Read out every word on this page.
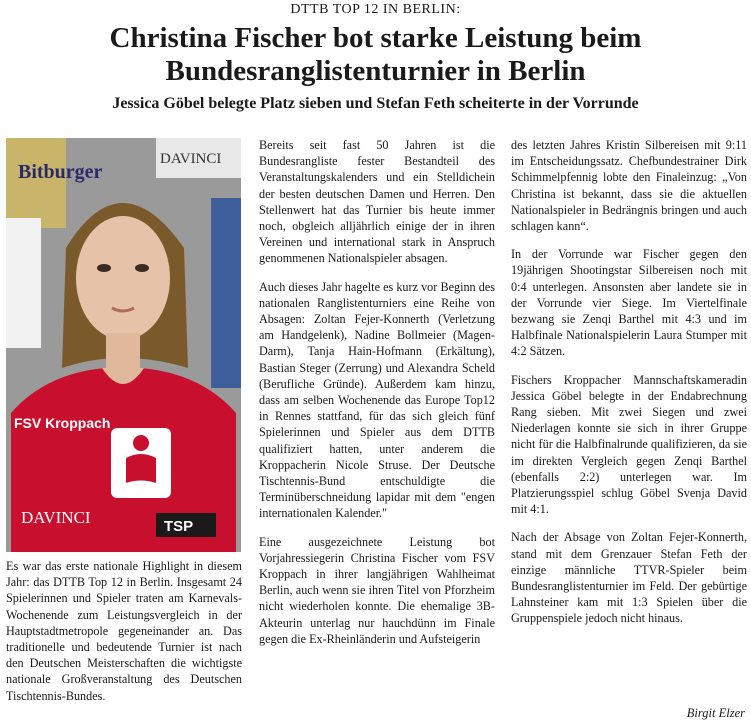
DTTB TOP 12 IN BERLIN:
Christina Fischer bot starke Leistung beim
Bundesranglistenturnier in Berlin
Jessica Göbel belegte Platz sieben und Stefan Feth scheiterte in der Vorrunde
Bitburger
DAVINCI
FSV Kroppach
DAVINCI	TSP

Es war das erste nationale Highlight in diesem Jahr: das DTTB Top 12 in Berlin. Insgesamt 24 Spielerinnen und Spieler traten am Karnevals-Wochenende zum Leistungsvergleich in der Hauptstadtmetropole gegeneinander an. Das traditionelle und bedeutende Turnier ist nach den Deutschen Meisterschaften die wichtigste nationale Großveranstaltung des Deutschen Tischtennis-Bundes.

Bereits seit fast 50 Jahren ist die Bundesrangliste fester Bestandteil des Veranstaltungskalenders und ein Stelldichein der besten deutschen Damen und Herren. Den Stellenwert hat das Turnier bis heute immer noch, obgleich alljährlich einige der in ihren Vereinen und international stark in Anspruch genommenen Nationalspieler absagen.

Auch dieses Jahr hagelte es kurz vor Beginn des nationalen Ranglistenturniers eine Reihe von Absagen: Zoltan Fejer-Konnerth (Verletzung am Handgelenk), Nadine Bollmeier (Magen-Darm), Tanja Hain-Hofmann (Erkältung), Bastian Steger (Zerrung) und Alexandra Scheld (Berufliche Gründe). Außerdem kam hinzu, dass am selben Wochenende das Europe Top12 in Rennes stattfand, für das sich gleich fünf Spielerinnen und Spieler aus dem DTTB qualifiziert hatten, unter anderem die Kroppacherin Nicole Struse. Der Deutsche Tischtennis-Bund entschuldigte die Terminüberschneidung lapidar mit dem "engen internationalen Kalender."

Eine ausgezeichnete Leistung bot Vorjahressiegerin Christina Fischer vom FSV Kroppach in ihrer langjährigen Wahlheimat Berlin, auch wenn sie ihren Titel von Pforzheim nicht wiederholen konnte. Die ehemalige 3B-Akteurin unterlag nur hauchdünn im Finale gegen die Ex-Rheinländerin und Aufsteigerin

des letzten Jahres Kristin Silbereisen mit 9:11 im Entscheidungssatz. Chefbundestrainer Dirk Schimmelpfennig lobte den Finaleinzug: „Von Christina ist bekannt, dass sie die aktuellen Nationalspieler in Bedrängnis bringen und auch schlagen kann“.

In der Vorrunde war Fischer gegen den 19jährigen Shootingstar Silbereisen noch mit 0:4 unterlegen. Ansonsten aber landete sie in der Vorrunde vier Siege. Im Viertelfinale bezwang sie Zenqi Barthel mit 4:3 und im Halbfinale Nationalspielerin Laura Stumper mit 4:2 Sätzen.

Fischers Kroppacher Mannschaftskameradin Jessica Göbel belegte in der Endabrechnung Rang sieben. Mit zwei Siegen und zwei Niederlagen konnte sie sich in ihrer Gruppe nicht für die Halbfinalrunde qualifizieren, da sie im direkten Vergleich gegen Zenqi Barthel (ebenfalls 2:2) unterlegen war. Im Platzierungsspiel schlug Göbel Svenja David mit 4:1.

Nach der Absage von Zoltan Fejer-Konnerth, stand mit dem Grenzauer Stefan Feth der einzige männliche TTVR-Spieler beim Bundesranglistenturnier im Feld. Der gebürtige Lahnsteiner kam mit 1:3 Spielen über die Gruppenspiele jedoch nicht hinaus.

Birgit Elzer
